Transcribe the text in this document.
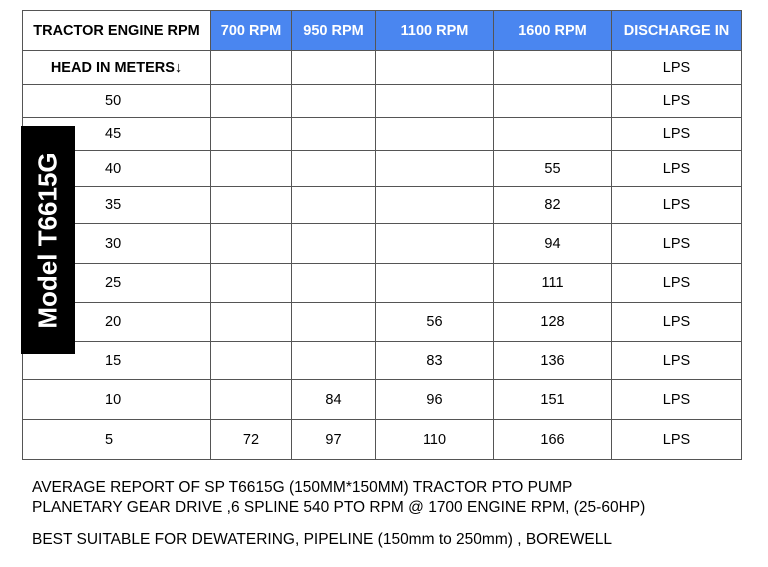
TRACTOR ENGINE RPM	700 RPM	950 RPM	1100 RPM	1600 RPM	DISCHARGE IN
HEAD IN METERS↓					LPS
50					LPS
45					LPS
40				55	LPS
35				82	LPS
30				94	LPS
25				111	LPS
20			56	128	LPS
15			83	136	LPS
10		84	96	151	LPS
5	72	97	110	166	LPS
Model T6615G

AVERAGE REPORT OF SP T6615G (150MM*150MM) TRACTOR PTO PUMP

PLANETARY GEAR DRIVE ,6 SPLINE 540 PTO RPM @ 1700 ENGINE RPM, (25-60HP)

BEST SUITABLE FOR DEWATERING, PIPELINE (150mm to 250mm) , BOREWELL
